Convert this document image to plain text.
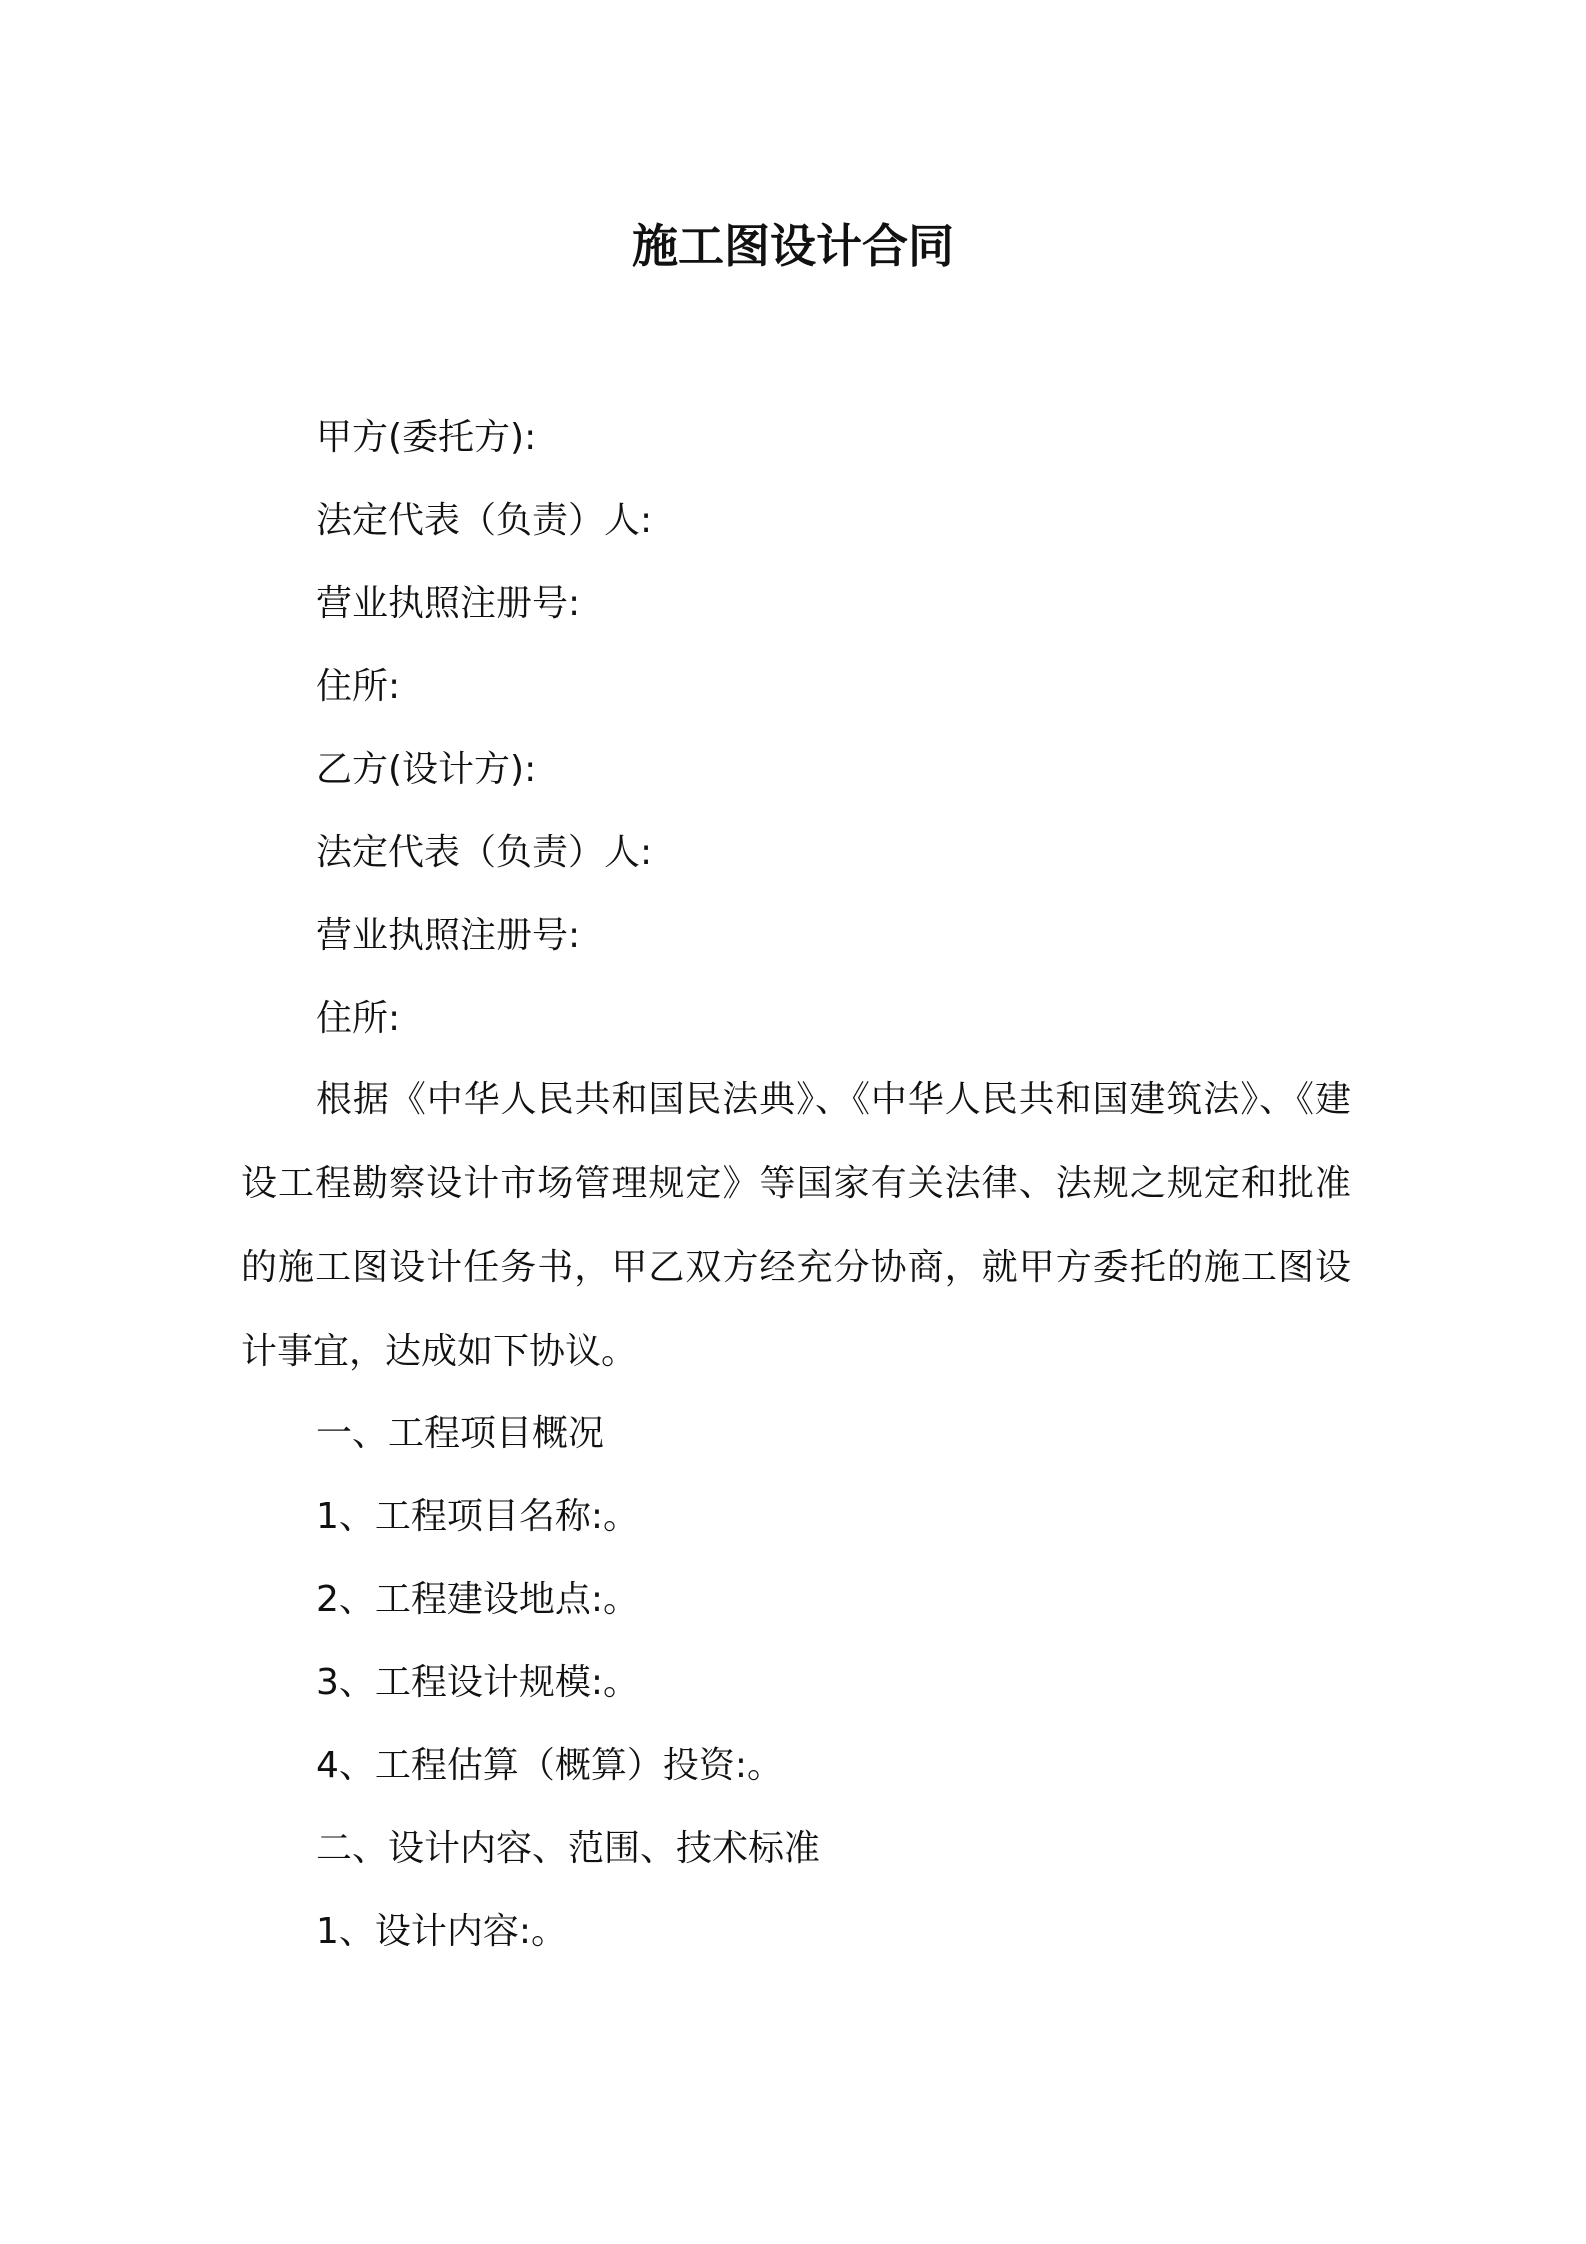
施工图设计合同
甲方(委托方):
法定代表（负责）人:
营业执照注册号:
住所:
乙方(设计方):
法定代表（负责）人:
营业执照注册号:
住所:
根据《中华人民共和国民法典》、《中华人民共和国建筑法》、《建设工程勘察设计市场管理规定》等国家有关法律、法规之规定和批准的施工图设计任务书，甲乙双方经充分协商，就甲方委托的施工图设计事宜，达成如下协议。
一、工程项目概况
1、工程项目名称:。
2、工程建设地点:。
3、工程设计规模:。
4、工程估算（概算）投资:。
二、设计内容、范围、技术标准
1、设计内容:。
